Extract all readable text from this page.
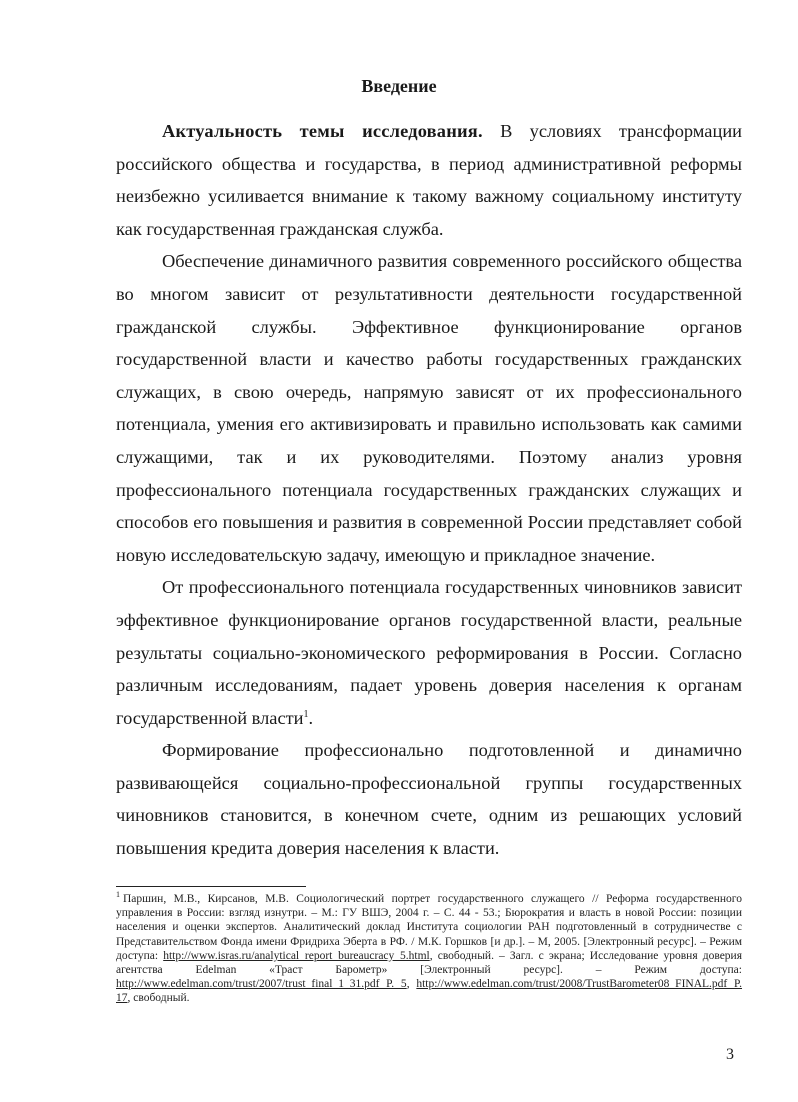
Введение

Актуальность темы исследования. В условиях трансформации российского общества и государства, в период административной реформы неизбежно усиливается внимание к такому важному социальному институту как государственная гражданская служба.

Обеспечение динамичного развития современного российского общества во многом зависит от результативности деятельности государственной гражданской службы. Эффективное функционирование органов государственной власти и качество работы государственных гражданских служащих, в свою очередь, напрямую зависят от их профессионального потенциала, умения его активизировать и правильно использовать как самими служащими, так и их руководителями. Поэтому анализ уровня профессионального потенциала государственных гражданских служащих и способов его повышения и развития в современной России представляет собой новую исследовательскую задачу, имеющую и прикладное значение.

От профессионального потенциала государственных чиновников зависит эффективное функционирование органов государственной власти, реальные результаты социально-экономического реформирования в России. Согласно различным исследованиям, падает уровень доверия населения к органам государственной власти$^1$.

Формирование профессионально подготовленной и динамично развивающейся социально-профессиональной группы государственных чиновников становится, в конечном счете, одним из решающих условий повышения кредита доверия населения к власти.

$^1$ Паршин, М.В., Кирсанов, М.В. Социологический портрет государственного служащего // Реформа государственного управления в России: взгляд изнутри. – М.: ГУ ВШЭ, 2004 г. – С. 44 - 53.; Бюрократия и власть в новой России: позиции населения и оценки экспертов. Аналитический доклад Института социологии РАН подготовленный в сотрудничестве с Представительством Фонда имени Фридриха Эберта в РФ. / М.К. Горшков [и др.]. – М, 2005. [Электронный ресурс]. – Режим доступа: http://www.isras.ru/analytical_report_bureaucracy_5.html, свободный. – Загл. с экрана; Исследование уровня доверия агентства Edelman «Траст Барометр» [Электронный ресурс]. – Режим доступа: http://www.edelman.com/trust/2007/trust_final_1_31.pdf P. 5, http://www.edelman.com/trust/2008/TrustBarometer08_FINAL.pdf P. 17, свободный.

3
